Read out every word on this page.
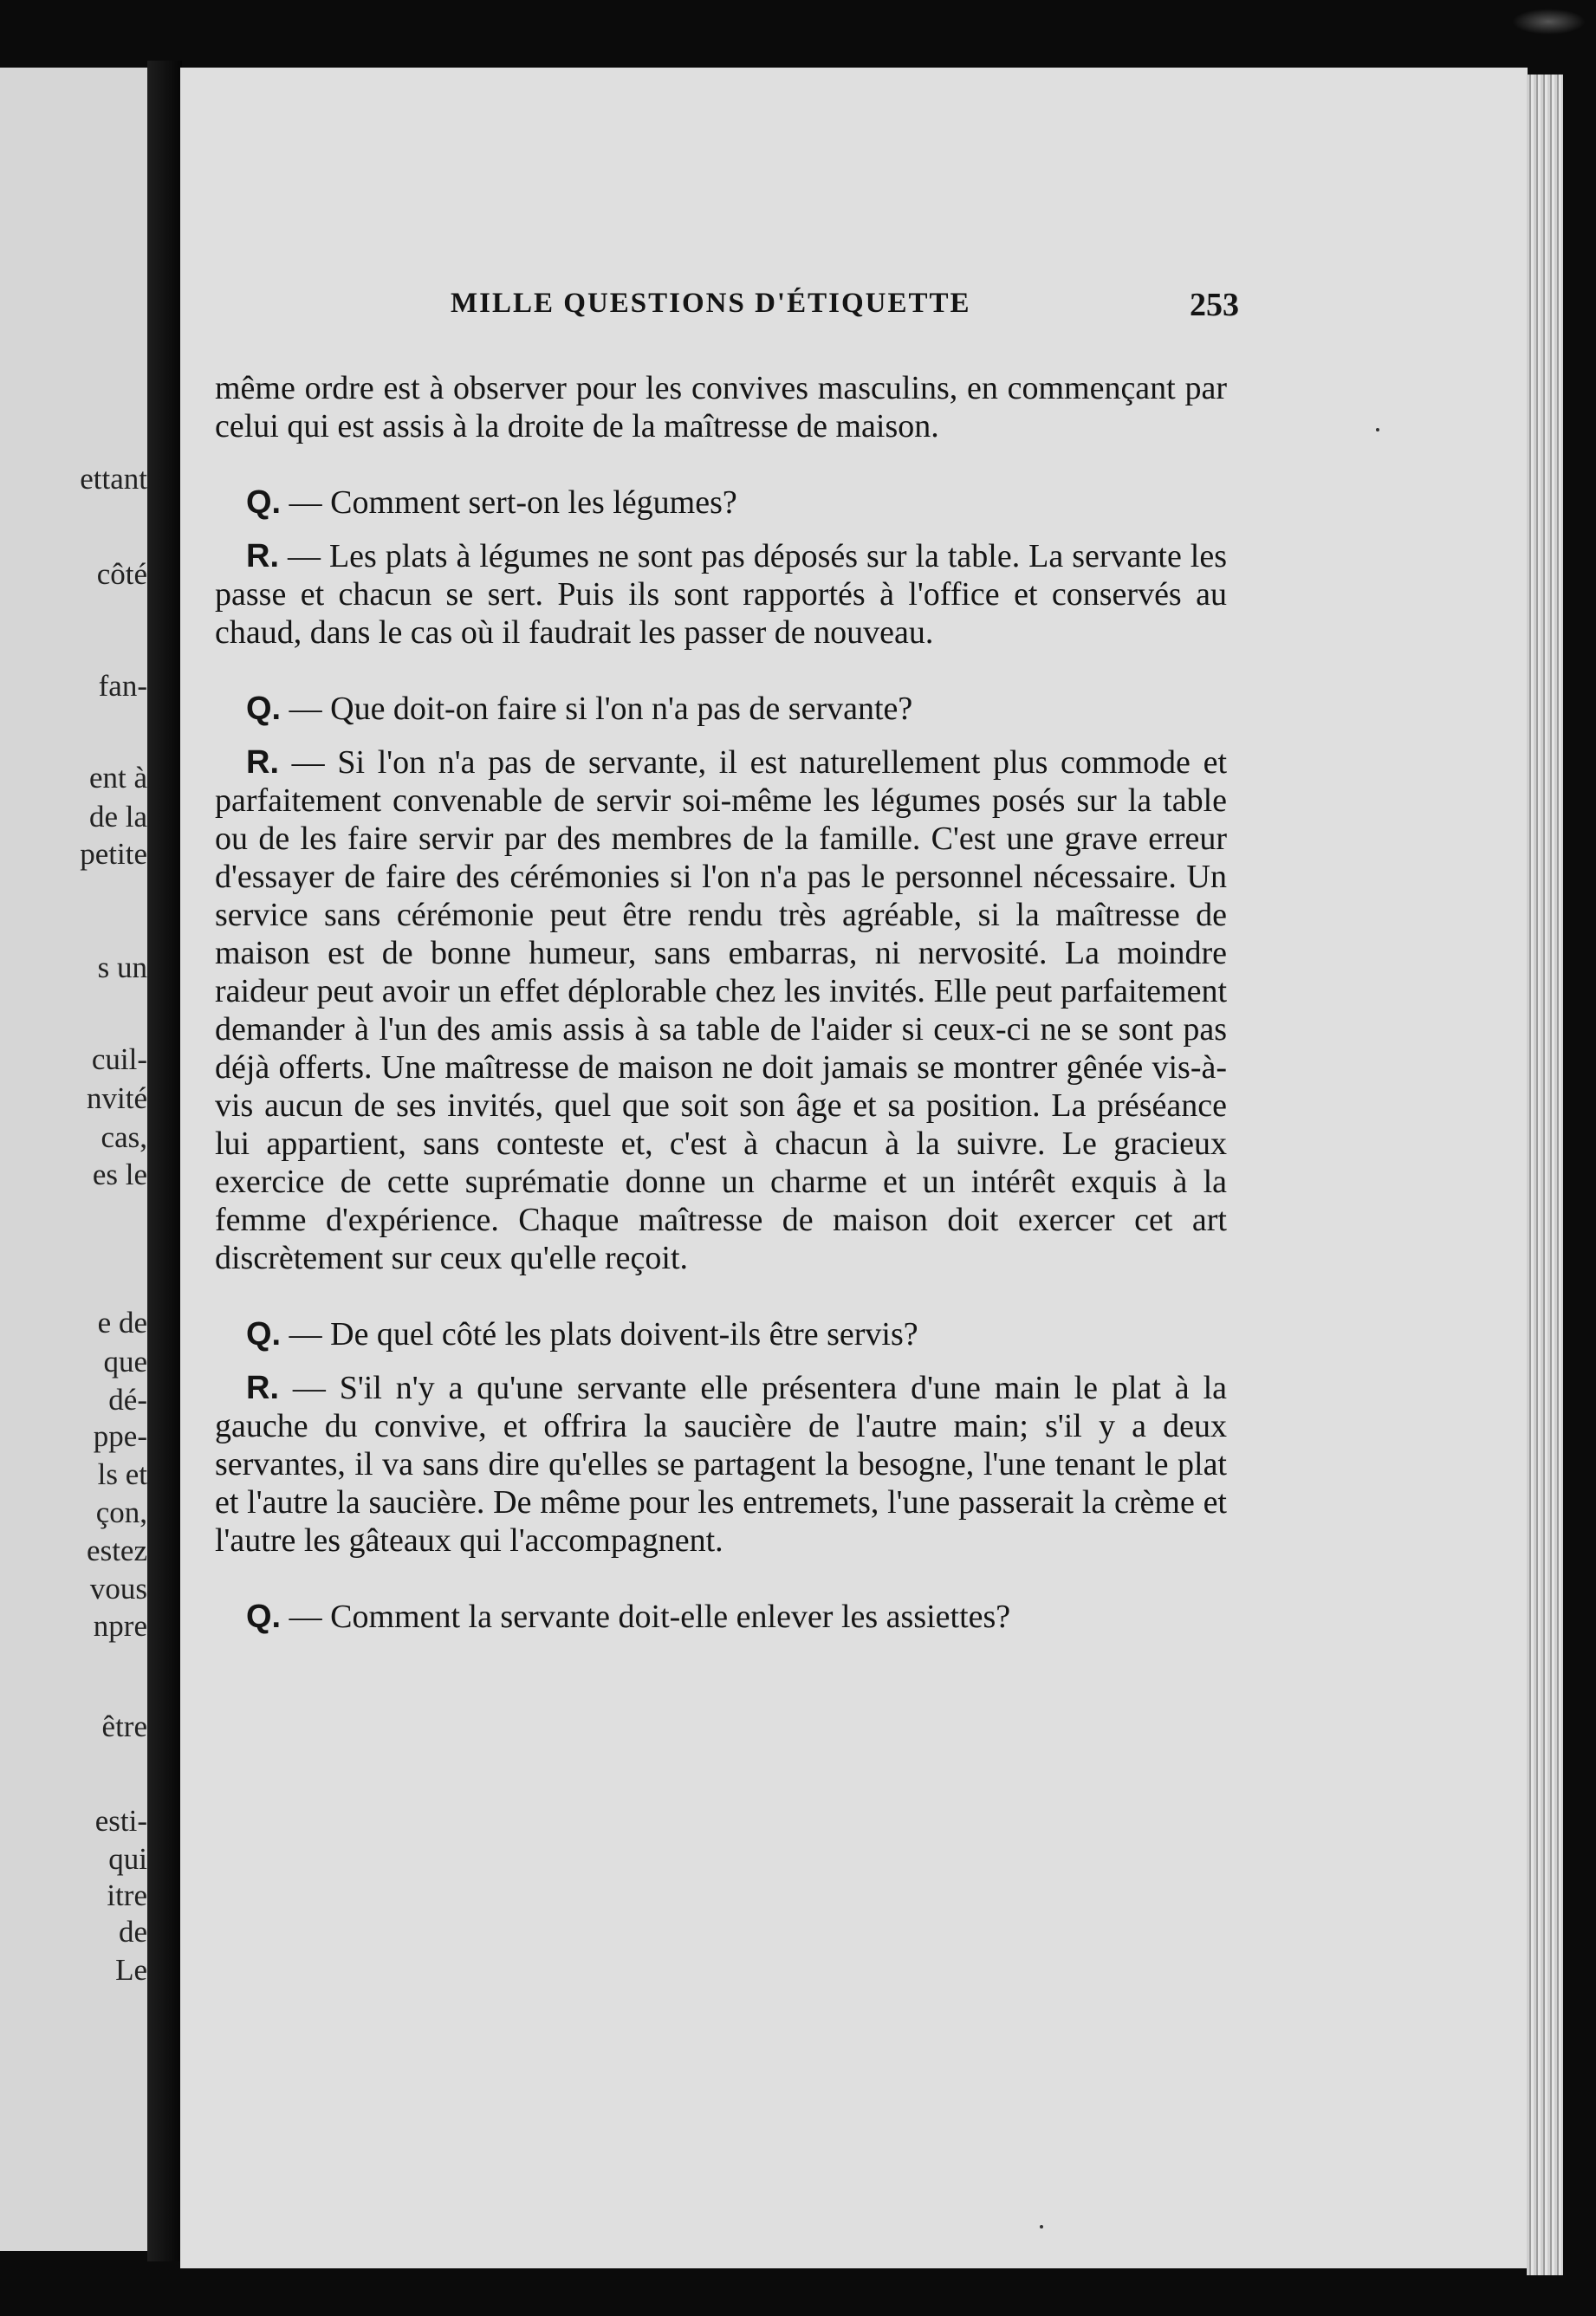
ettant
côté
fan-
ent à
de la
petite
s un
cuil-
nvité
cas,
es le
e de
que
dé-
ppe-
ls et
çon,
estez
vous
npre
être
esti-
qui
itre
de
Le
MILLE QUESTIONS D'ÉTIQUETTE	253

même ordre est à observer pour les convives masculins, en commençant par celui qui est assis à la droite de la maîtresse de maison.

Q. — Comment sert-on les légumes?

R. — Les plats à légumes ne sont pas déposés sur la table. La servante les passe et chacun se sert. Puis ils sont rapportés à l'office et conservés au chaud, dans le cas où il faudrait les passer de nouveau.

Q. — Que doit-on faire si l'on n'a pas de servante?

R. — Si l'on n'a pas de servante, il est naturellement plus commode et parfaitement convenable de servir soi-même les légumes posés sur la table ou de les faire servir par des membres de la famille. C'est une grave erreur d'essayer de faire des cérémonies si l'on n'a pas le personnel nécessaire. Un service sans cérémonie peut être rendu très agréable, si la maîtresse de maison est de bonne humeur, sans embarras, ni nervosité. La moindre raideur peut avoir un effet déplorable chez les invités. Elle peut parfaitement demander à l'un des amis assis à sa table de l'aider si ceux-ci ne se sont pas déjà offerts. Une maîtresse de maison ne doit jamais se montrer gênée vis-à-vis aucun de ses invités, quel que soit son âge et sa position. La préséance lui appartient, sans conteste et, c'est à chacun à la suivre. Le gracieux exercice de cette suprématie donne un charme et un intérêt exquis à la femme d'expérience. Chaque maîtresse de maison doit exercer cet art discrètement sur ceux qu'elle reçoit.

Q. — De quel côté les plats doivent-ils être servis?

R. — S'il n'y a qu'une servante elle présentera d'une main le plat à la gauche du convive, et offrira la saucière de l'autre main; s'il y a deux servantes, il va sans dire qu'elles se partagent la besogne, l'une tenant le plat et l'autre la saucière. De même pour les entremets, l'une passerait la crème et l'autre les gâteaux qui l'accompagnent.

Q. — Comment la servante doit-elle enlever les assiettes?
